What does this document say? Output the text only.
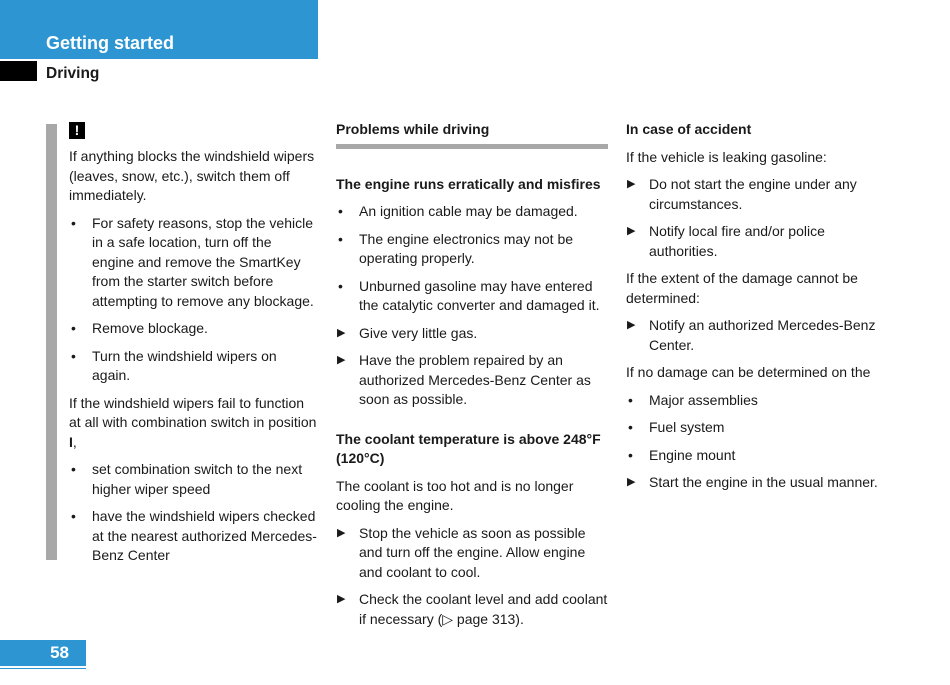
Getting started
Driving
!

If anything blocks the windshield wipers (leaves, snow, etc.), switch them off immediately.

• For safety reasons, stop the vehicle in a safe location, turn off the engine and remove the SmartKey from the starter switch before attempting to remove any blockage.
• Remove blockage.
• Turn the windshield wipers on again.

If the windshield wipers fail to function at all with combination switch in position I,

• set combination switch to the next higher wiper speed
• have the windshield wipers checked at the nearest authorized Mercedes-Benz Center
Problems while driving
The engine runs erratically and misfires
• An ignition cable may be damaged.
• The engine electronics may not be operating properly.
• Unburned gasoline may have entered the catalytic converter and damaged it.
▶ Give very little gas.
▶ Have the problem repaired by an authorized Mercedes-Benz Center as soon as possible.
The coolant temperature is above 248°F (120°C)

The coolant is too hot and is no longer cooling the engine.

▶ Stop the vehicle as soon as possible and turn off the engine. Allow engine and coolant to cool.
▶ Check the coolant level and add coolant if necessary (▷ page 313).
In case of accident

If the vehicle is leaking gasoline:

▶ Do not start the engine under any circumstances.
▶ Notify local fire and/or police authorities.

If the extent of the damage cannot be determined:

▶ Notify an authorized Mercedes-Benz Center.

If no damage can be determined on the

• Major assemblies
• Fuel system
• Engine mount
▶ Start the engine in the usual manner.
58
